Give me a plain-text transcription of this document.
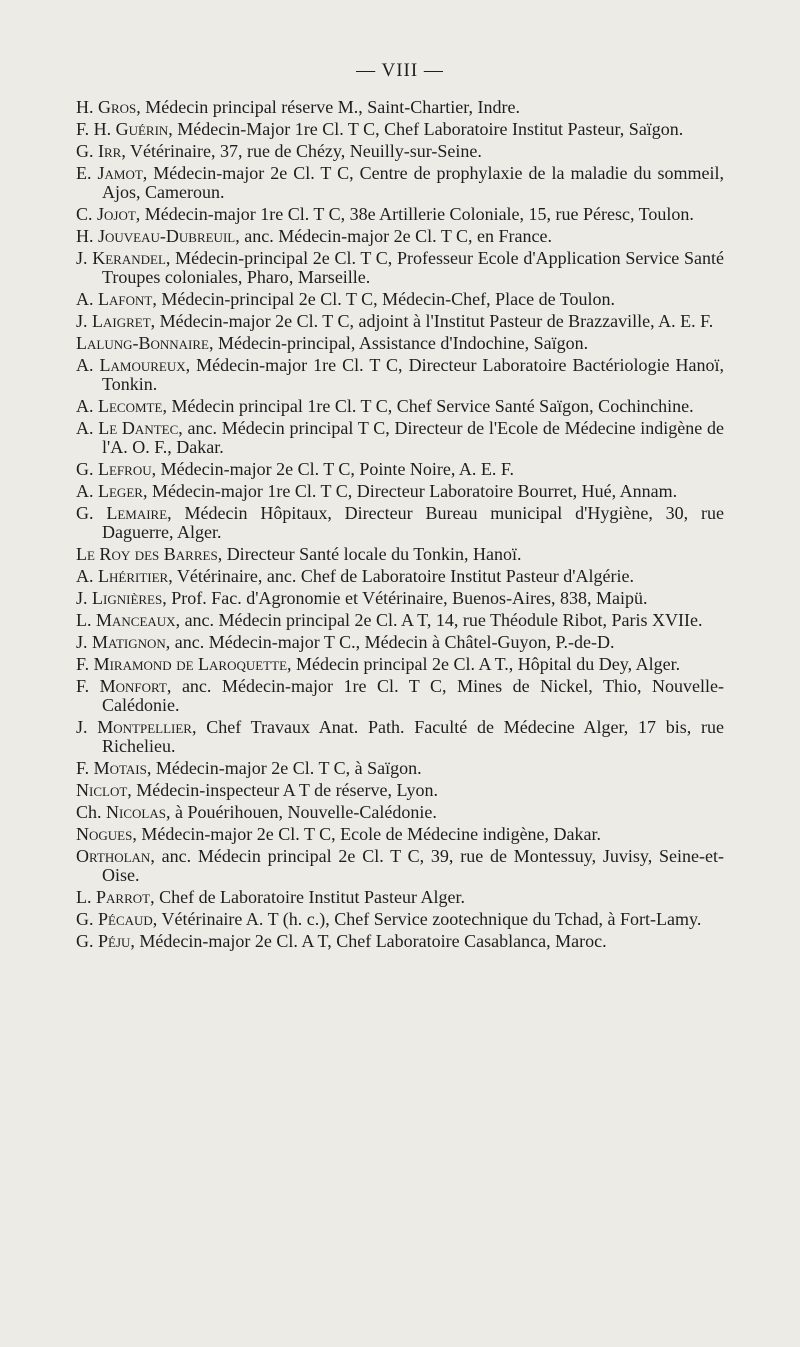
— VIII —

H. Gros, Médecin principal réserve M., Saint-Chartier, Indre.

F. H. Guérin, Médecin-Major 1re Cl. T C, Chef Laboratoire Institut Pasteur, Saïgon.

G. Irr, Vétérinaire, 37, rue de Chézy, Neuilly-sur-Seine.

E. Jamot, Médecin-major 2e Cl. T C, Centre de prophylaxie de la maladie du sommeil, Ajos, Cameroun.

C. Jojot, Médecin-major 1re Cl. T C, 38e Artillerie Coloniale, 15, rue Péresc, Toulon.

H. Jouveau-Dubreuil, anc. Médecin-major 2e Cl. T C, en France.

J. Kerandel, Médecin-principal 2e Cl. T C, Professeur Ecole d'Application Service Santé Troupes coloniales, Pharo, Marseille.

A. Lafont, Médecin-principal 2e Cl. T C, Médecin-Chef, Place de Toulon.

J. Laigret, Médecin-major 2e Cl. T C, adjoint à l'Institut Pasteur de Brazzaville, A. E. F.

Lalung-Bonnaire, Médecin-principal, Assistance d'Indochine, Saïgon.

A. Lamoureux, Médecin-major 1re Cl. T C, Directeur Laboratoire Bactériologie Hanoï, Tonkin.

A. Lecomte, Médecin principal 1re Cl. T C, Chef Service Santé Saïgon, Cochinchine.

A. Le Dantec, anc. Médecin principal T C, Directeur de l'Ecole de Médecine indigène de l'A. O. F., Dakar.

G. Lefrou, Médecin-major 2e Cl. T C, Pointe Noire, A. E. F.

A. Leger, Médecin-major 1re Cl. T C, Directeur Laboratoire Bourret, Hué, Annam.

G. Lemaire, Médecin Hôpitaux, Directeur Bureau municipal d'Hygiène, 30, rue Daguerre, Alger.

Le Roy des Barres, Directeur Santé locale du Tonkin, Hanoï.

A. Lhéritier, Vétérinaire, anc. Chef de Laboratoire Institut Pasteur d'Algérie.

J. Lignières, Prof. Fac. d'Agronomie et Vétérinaire, Buenos-Aires, 838, Maipü.

L. Manceaux, anc. Médecin principal 2e Cl. A T, 14, rue Théodule Ribot, Paris XVIIe.

J. Matignon, anc. Médecin-major T C., Médecin à Châtel-Guyon, P.-de-D.

F. Miramond de Laroquette, Médecin principal 2e Cl. A T., Hôpital du Dey, Alger.

F. Monfort, anc. Médecin-major 1re Cl. T C, Mines de Nickel, Thio, Nouvelle-Calédonie.

J. Montpellier, Chef Travaux Anat. Path. Faculté de Médecine Alger, 17 bis, rue Richelieu.

F. Motais, Médecin-major 2e Cl. T C, à Saïgon.

Niclot, Médecin-inspecteur A T de réserve, Lyon.

Ch. Nicolas, à Pouérihouen, Nouvelle-Calédonie.

Nogues, Médecin-major 2e Cl. T C, Ecole de Médecine indigène, Dakar.

Ortholan, anc. Médecin principal 2e Cl. T C, 39, rue de Montessuy, Juvisy, Seine-et-Oise.

L. Parrot, Chef de Laboratoire Institut Pasteur Alger.

G. Pécaud, Vétérinaire A. T (h. c.), Chef Service zootechnique du Tchad, à Fort-Lamy.

G. Péju, Médecin-major 2e Cl. A T, Chef Laboratoire Casablanca, Maroc.
